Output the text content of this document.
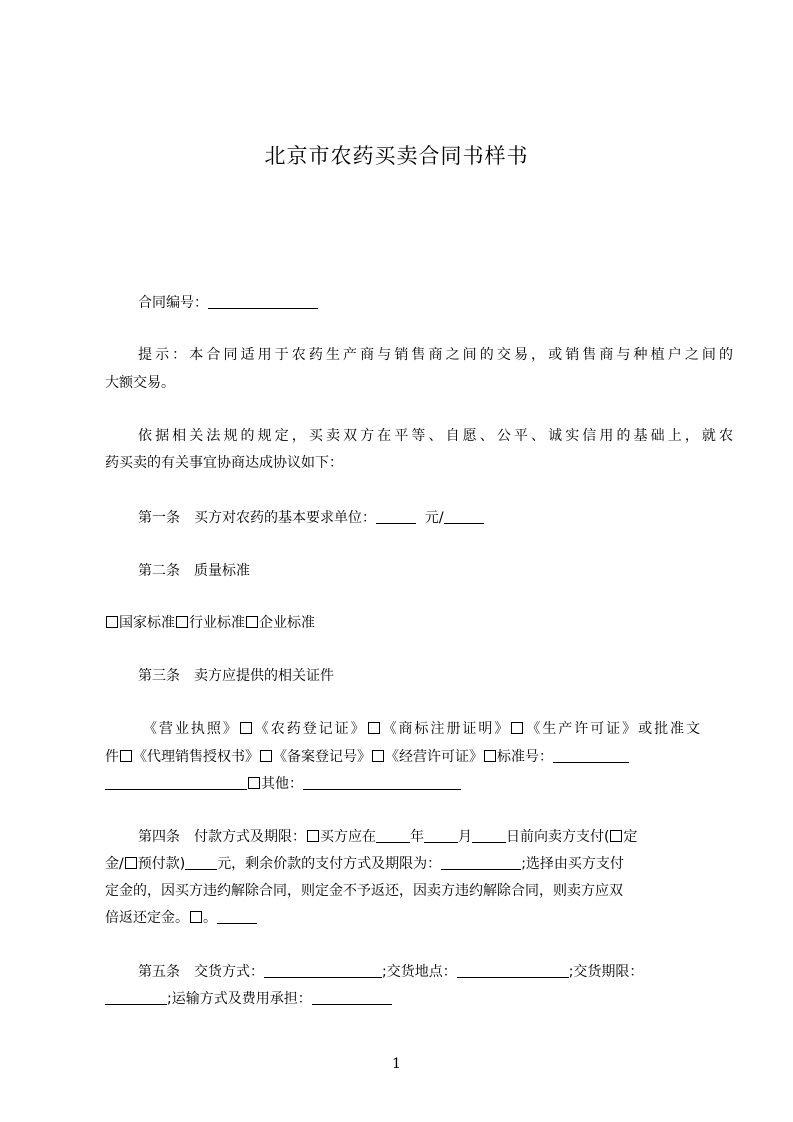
北京市农药买卖合同书样书
合同编号：
提示：本合同适用于农药生产商与销售商之间的交易，或销售商与种植户之间的
大额交易。
依据相关法规的规定，买卖双方在平等、自愿、公平、诚实信用的基础上，就农
药买卖的有关事宜协商达成协议如下：
第一条　买方对农药的基本要求单位：	元/
第二条　质量标准
国家标准 行业标准 企业标准
第三条　卖方应提供的相关证件
《营业执照》 《农药登记证》 《商标注册证明》 《生产许可证》或批准文
件 《代理销售授权书》 《备案登记号》 《经营许可证》 标准号：
其他：
第四条　付款方式及期限： 买方应在 年 月 日前向卖方支付( 定
金/ 预付款) 元，剩余价款的支付方式及期限为：	;选择由买方支付
定金的，因买方违约解除合同，则定金不予返还，因卖方违约解除合同，则卖方应双
倍返还定金。 。
第五条　交货方式：	;交货地点：	;交货期限：
;运输方式及费用承担：
1
